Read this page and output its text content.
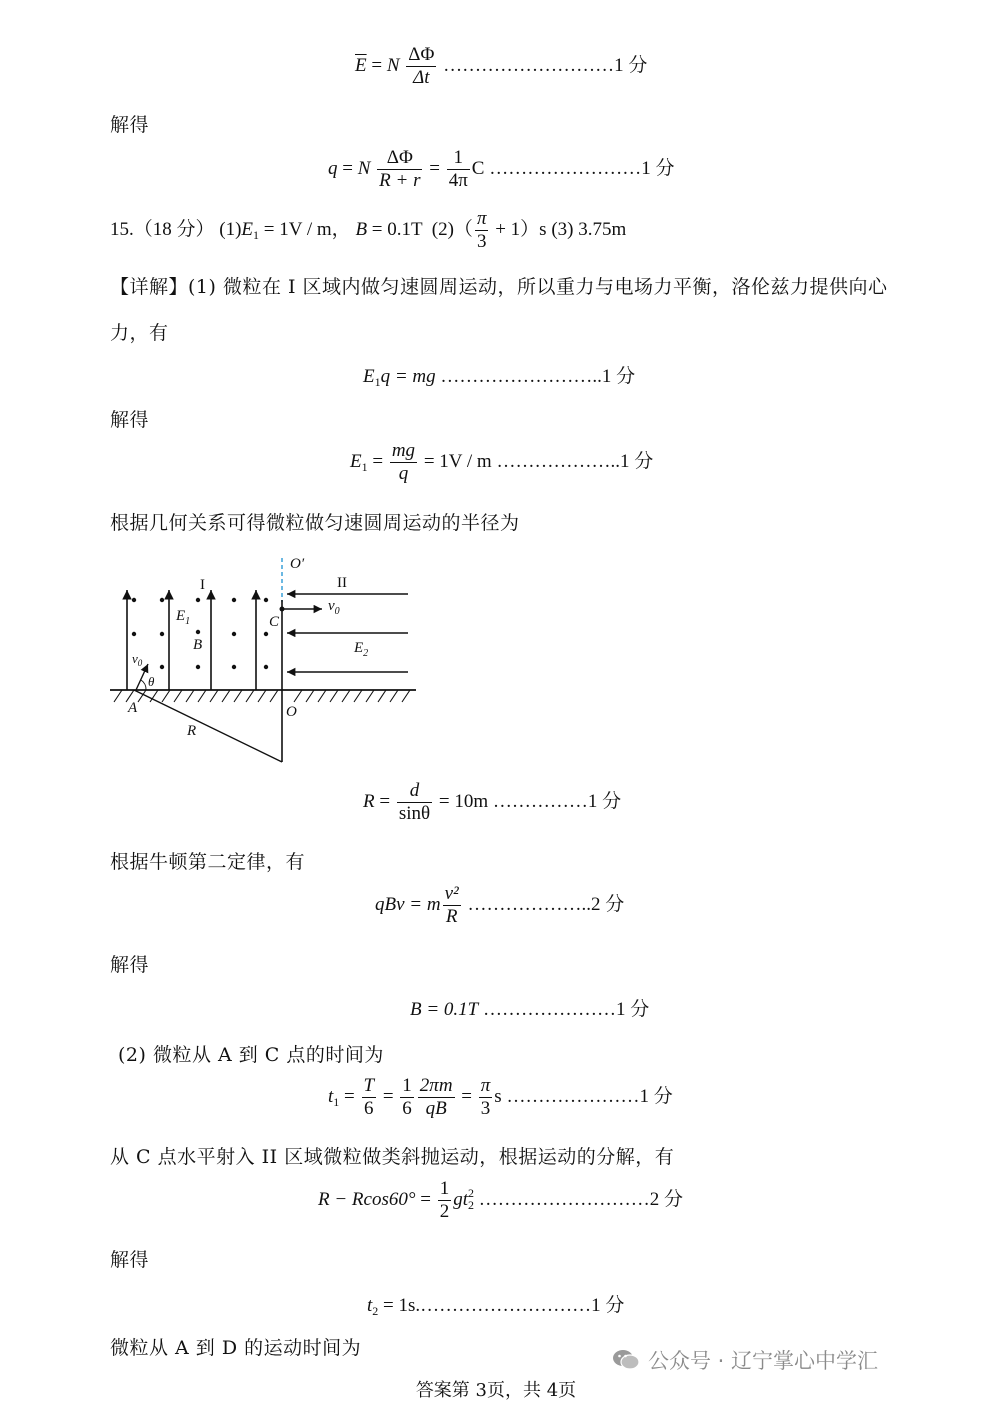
$\overline{E} = N \frac{\Delta\Phi}{\Delta t}$ ………………………1 分
解得
q = N $\frac{\Delta\Phi}{R + r} = \frac{1}{4\pi}$ C ……………………1 分
15.（18 分） $(1)E_1 = 1V / m$， B = 0.1T $(2)( \frac{\pi}{3} + 1)s$ (3) 3.75m
【详解】(1) 微粒在 I 区域内做匀速圆周运动，所以重力与电场力平衡，洛伦兹力提供向心
力，有
$E_1q$ = mg ……………………..1 分
解得
$E_1 = \frac{mg}{q} = 1V / m$ ………………..1 分
根据几何关系可得微粒做匀速圆周运动的半径为
O′
I	II
$E_1$
B
C
$v_0$
$v_0$
θ
A
R
O
$E_2$
$R = \frac{d}{\sin\theta} = 10m$ ……………1 分
根据牛顿第二定律，有
qBv = m $\frac{\text{v²}}{R}$ ………………..2 分
解得
B = 0.1T …………………1 分
(2) 微粒从 A 到 C 点的时间为
$t_1 = \frac{T}{6} = \frac{1}{6} \frac{2\pi m}{qB} = \frac{\pi}{3}$ s …………………1 分
从 C 点水平射入 II 区域微粒做类斜抛运动，根据运动的分解，有
$R - Rcos60^\circ = \frac{1}{2} gt_2^2$ ………………………2 分
解得
$t_2$ = 1s.………………………1 分
微粒从 A 到 D 的运动时间为
公众号 · 辽宁掌心中学汇
答案第 3页，共 4页
